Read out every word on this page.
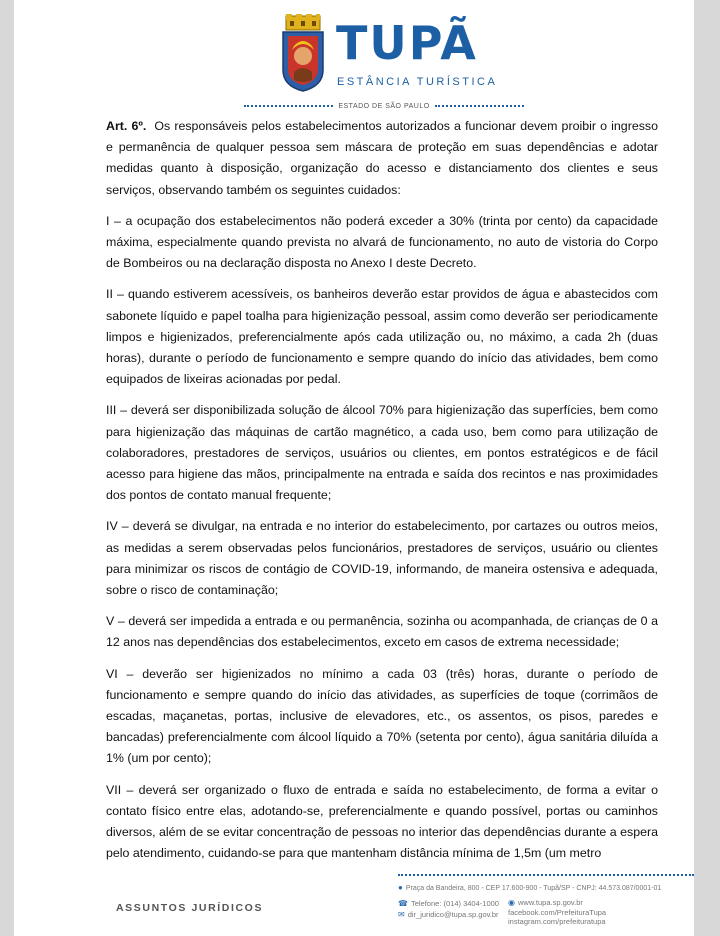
TUPÃ
ESTÂNCIA TURÍSTICA
ESTADO DE SÃO PAULO

Art. 6º. Os responsáveis pelos estabelecimentos autorizados a funcionar devem proibir o ingresso e permanência de qualquer pessoa sem máscara de proteção em suas dependências e adotar medidas quanto à disposição, organização do acesso e distanciamento dos clientes e seus serviços, observando também os seguintes cuidados:

I – a ocupação dos estabelecimentos não poderá exceder a 30% (trinta por cento) da capacidade máxima, especialmente quando prevista no alvará de funcionamento, no auto de vistoria do Corpo de Bombeiros ou na declaração disposta no Anexo I deste Decreto.

II – quando estiverem acessíveis, os banheiros deverão estar providos de água e abastecidos com sabonete líquido e papel toalha para higienização pessoal, assim como deverão ser periodicamente limpos e higienizados, preferencialmente após cada utilização ou, no máximo, a cada 2h (duas horas), durante o período de funcionamento e sempre quando do início das atividades, bem como equipados de lixeiras acionadas por pedal.

III – deverá ser disponibilizada solução de álcool 70% para higienização das superfícies, bem como para higienização das máquinas de cartão magnético, a cada uso, bem como para utilização de colaboradores, prestadores de serviços, usuários ou clientes, em pontos estratégicos e de fácil acesso para higiene das mãos, principalmente na entrada e saída dos recintos e nas proximidades dos pontos de contato manual frequente;

IV – deverá se divulgar, na entrada e no interior do estabelecimento, por cartazes ou outros meios, as medidas a serem observadas pelos funcionários, prestadores de serviços, usuário ou clientes para minimizar os riscos de contágio de COVID-19, informando, de maneira ostensiva e adequada, sobre o risco de contaminação;

V – deverá ser impedida a entrada e ou permanência, sozinha ou acompanhada, de crianças de 0 a 12 anos nas dependências dos estabelecimentos, exceto em casos de extrema necessidade;

VI – deverão ser higienizados no mínimo a cada 03 (três) horas, durante o período de funcionamento e sempre quando do início das atividades, as superfícies de toque (corrimãos de escadas, maçanetas, portas, inclusive de elevadores, etc., os assentos, os pisos, paredes e bancadas) preferencialmente com álcool líquido a 70% (setenta por cento), água sanitária diluída a 1% (um por cento);

VII – deverá ser organizado o fluxo de entrada e saída no estabelecimento, de forma a evitar o contato físico entre elas, adotando-se, preferencialmente e quando possível, portas ou caminhos diversos, além de se evitar concentração de pessoas no interior das dependências durante a espera pelo atendimento, cuidando-se para que mantenham distância mínima de 1,5m (um metro

ASSUNTOS JURÍDICOS
● Praça da Bandeira, 800 - CEP 17.600-900 - Tupã/SP - CNPJ: 44.573.087/0001-01
☎ Telefone: (014) 3404-1000
✉ dir_juridico@tupa.sp.gov.br
◉ www.tupa.sp.gov.br
facebook.com/PrefeituraTupa
instagram.com/prefeituratupa
